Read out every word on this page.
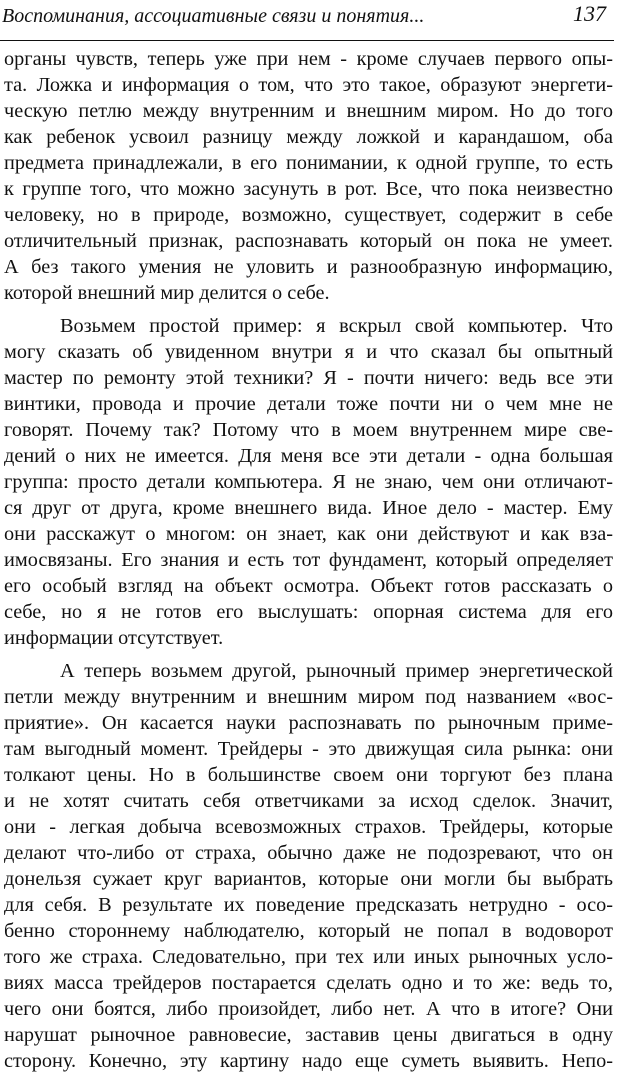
Воспоминания, ассоциативные связи и понятия...	137
органы чувств, теперь уже при нем - кроме случаев первого опы-
та. Ложка и информация о том, что это такое, образуют энергети-
ческую петлю между внутренним и внешним миром. Но до того
как ребенок усвоил разницу между ложкой и карандашом, оба
предмета принадлежали, в его понимании, к одной группе, то есть
к группе того, что можно засунуть в рот. Все, что пока неизвестно
человеку, но в природе, возможно, существует, содержит в себе
отличительный признак, распознавать который он пока не умеет.
А без такого умения не уловить и разнообразную информацию,
которой внешний мир делится о себе.
Возьмем простой пример: я вскрыл свой компьютер. Что
могу сказать об увиденном внутри я и что сказал бы опытный
мастер по ремонту этой техники? Я - почти ничего: ведь все эти
винтики, провода и прочие детали тоже почти ни о чем мне не
говорят. Почему так? Потому что в моем внутреннем мире све-
дений о них не имеется. Для меня все эти детали - одна большая
группа: просто детали компьютера. Я не знаю, чем они отличают-
ся друг от друга, кроме внешнего вида. Иное дело - мастер. Ему
они расскажут о многом: он знает, как они действуют и как вза-
имосвязаны. Его знания и есть тот фундамент, который определяет
его особый взгляд на объект осмотра. Объект готов рассказать о
себе, но я не готов его выслушать: опорная система для его
информации отсутствует.
А теперь возьмем другой, рыночный пример энергетической
петли между внутренним и внешним миром под названием «вос-
приятие». Он касается науки распознавать по рыночным приме-
там выгодный момент. Трейдеры - это движущая сила рынка: они
толкают цены. Но в большинстве своем они торгуют без плана
и не хотят считать себя ответчиками за исход сделок. Значит,
они - легкая добыча всевозможных страхов. Трейдеры, которые
делают что-либо от страха, обычно даже не подозревают, что он
донельзя сужает круг вариантов, которые они могли бы выбрать
для себя. В результате их поведение предсказать нетрудно - осо-
бенно стороннему наблюдателю, который не попал в водоворот
того же страха. Следовательно, при тех или иных рыночных усло-
виях масса трейдеров постарается сделать одно и то же: ведь то,
чего они боятся, либо произойдет, либо нет. А что в итоге? Они
нарушат рыночное равновесие, заставив цены двигаться в одну
сторону. Конечно, эту картину надо еще суметь выявить. Непо-
